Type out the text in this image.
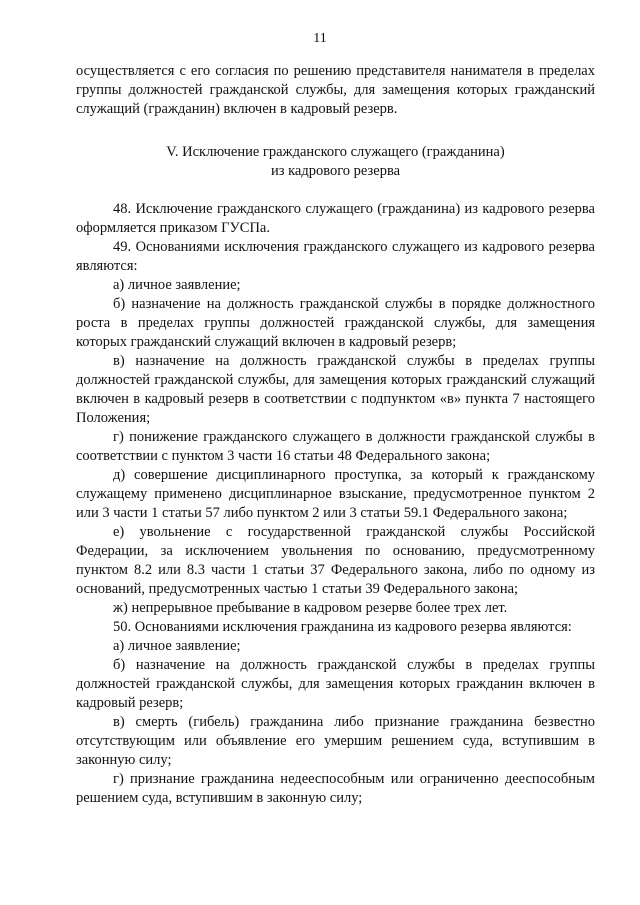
11

осуществляется с его согласия по решению представителя нанимателя в пределах группы должностей гражданской службы, для замещения которых гражданский служащий (гражданин) включен в кадровый резерв.

V. Исключение гражданского служащего (гражданина)
из кадрового резерва

48. Исключение гражданского служащего (гражданина) из кадрового резерва оформляется приказом ГУСПа.

49. Основаниями исключения гражданского служащего из кадрового резерва являются:

а) личное заявление;

б) назначение на должность гражданской службы в порядке должностного роста в пределах группы должностей гражданской службы, для замещения которых гражданский служащий включен в кадровый резерв;

в) назначение на должность гражданской службы в пределах группы должностей гражданской службы, для замещения которых гражданский служащий включен в кадровый резерв в соответствии с подпунктом «в» пункта 7 настоящего Положения;

г) понижение гражданского служащего в должности гражданской службы в соответствии с пунктом 3 части 16 статьи 48 Федерального закона;

д) совершение дисциплинарного проступка, за который к гражданскому служащему применено дисциплинарное взыскание, предусмотренное пунктом 2 или 3 части 1 статьи 57 либо пунктом 2 или 3 статьи 59.1 Федерального закона;

е) увольнение с государственной гражданской службы Российской Федерации, за исключением увольнения по основанию, предусмотренному пунктом 8.2 или 8.3 части 1 статьи 37 Федерального закона, либо по одному из оснований, предусмотренных частью 1 статьи 39 Федерального закона;

ж) непрерывное пребывание в кадровом резерве более трех лет.

50. Основаниями исключения гражданина из кадрового резерва являются:

а) личное заявление;

б) назначение на должность гражданской службы в пределах группы должностей гражданской службы, для замещения которых гражданин включен в кадровый резерв;

в) смерть (гибель) гражданина либо признание гражданина безвестно отсутствующим или объявление его умершим решением суда, вступившим в законную силу;

г) признание гражданина недееспособным или ограниченно дееспособным решением суда, вступившим в законную силу;
